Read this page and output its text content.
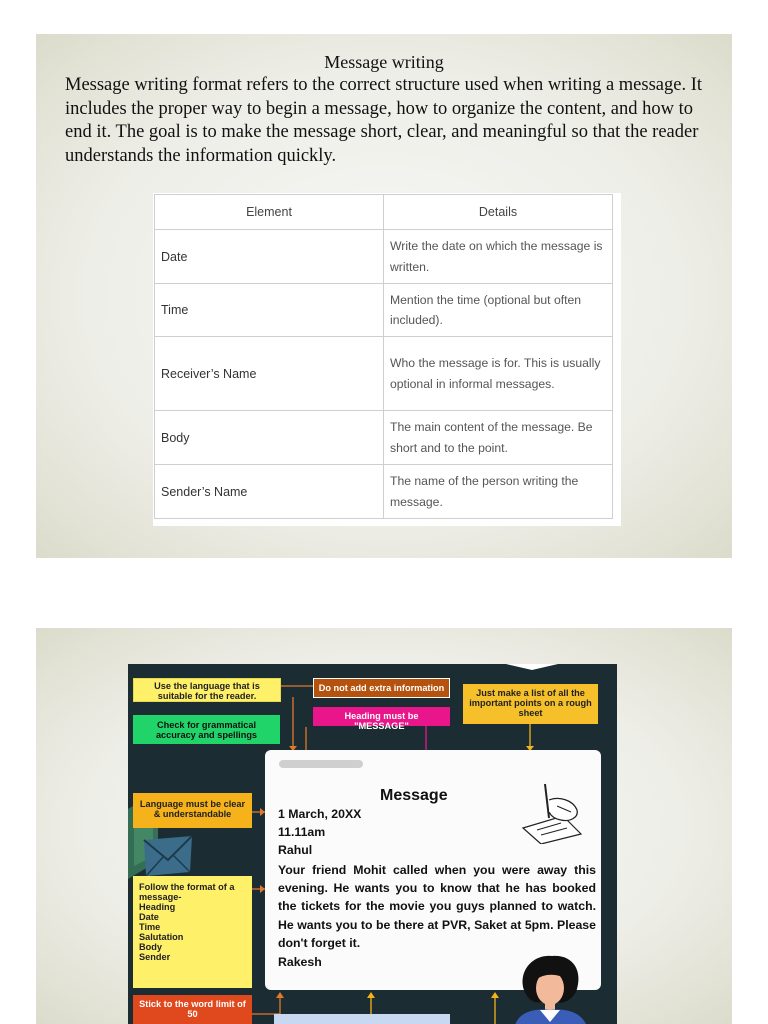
Message writing
Message writing format refers to the correct structure used when writing a message. It includes the proper way to begin a message, how to organize the content, and how to end it. The goal is to make the message short, clear, and meaningful so that the reader understands the information quickly.
Element	Details
Date	Write the date on which the message is written.
Time	Mention the time (optional but often included).
Receiver’s Name	Who the message is for. This is usually optional in informal messages.
Body	The main content of the message. Be short and to the point.
Sender’s Name	The name of the person writing the message.
Use the language that is suitable for the reader.
Check for grammatical accuracy and spellings
Do not add extra information
Heading must be "MESSAGE"
Just make a list of all the important points on a rough sheet
Language must be clear & understandable
Follow the format of a message-
Heading
Date
Time
Salutation
Body
Sender
Stick to the word limit of 50
Message
1 March, 20XX
11.11am
Rahul
Your friend Mohit called when you were away this evening. He wants you to know that he has booked the tickets for the movie you guys planned to watch. He wants you to be there at PVR, Saket at 5pm. Please don't forget it.
Rakesh
